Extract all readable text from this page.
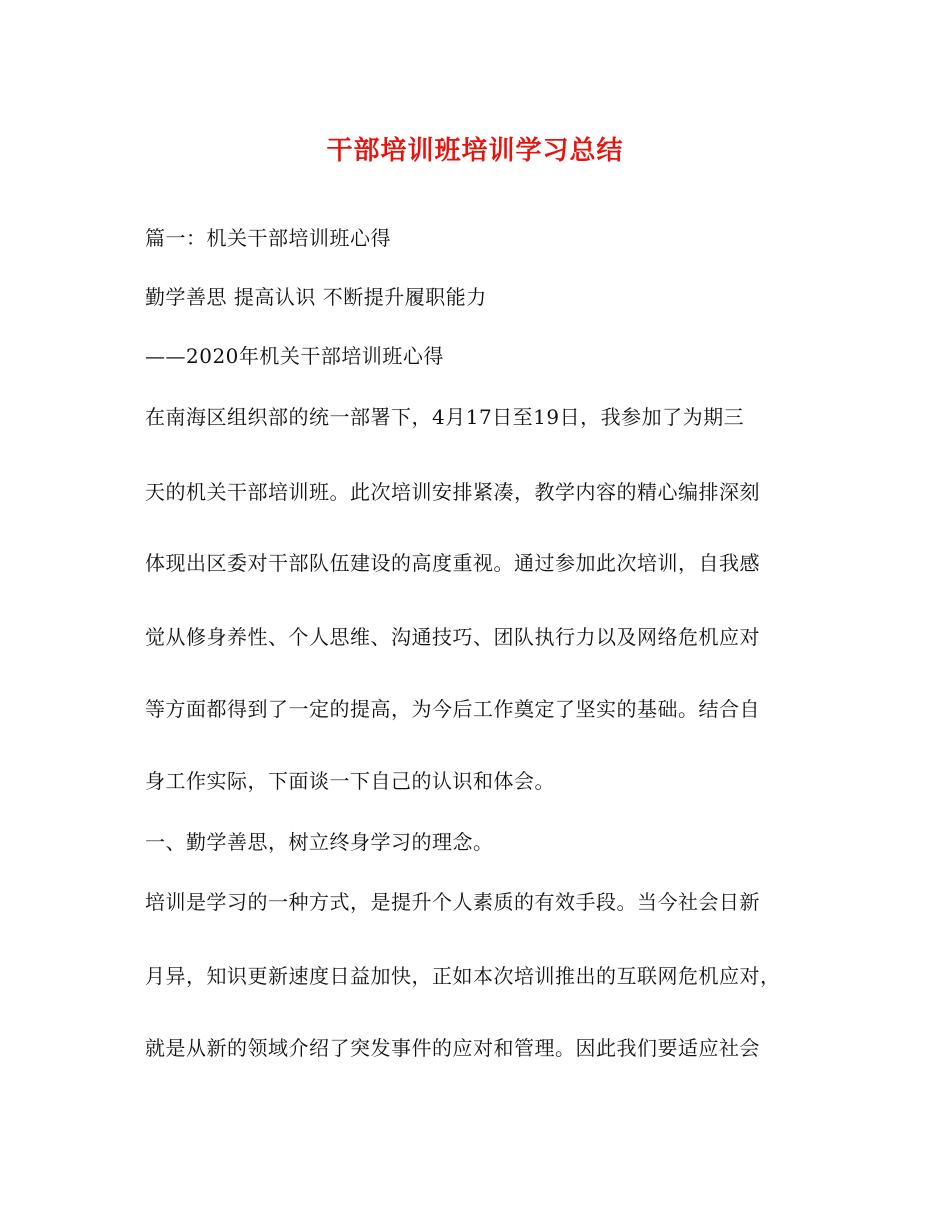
干部培训班培训学习总结
篇一：机关干部培训班心得
勤学善思 提高认识 不断提升履职能力
——2020年机关干部培训班心得
在南海区组织部的统一部署下，4月17日至19日，我参加了为期三
天的机关干部培训班。此次培训安排紧凑，教学内容的精心编排深刻
体现出区委对干部队伍建设的高度重视。通过参加此次培训，自我感
觉从修身养性、个人思维、沟通技巧、团队执行力以及网络危机应对
等方面都得到了一定的提高，为今后工作奠定了坚实的基础。结合自
身工作实际，下面谈一下自己的认识和体会。
一、勤学善思，树立终身学习的理念。
培训是学习的一种方式，是提升个人素质的有效手段。当今社会日新
月异，知识更新速度日益加快，正如本次培训推出的互联网危机应对，
就是从新的领域介绍了突发事件的应对和管理。因此我们要适应社会
